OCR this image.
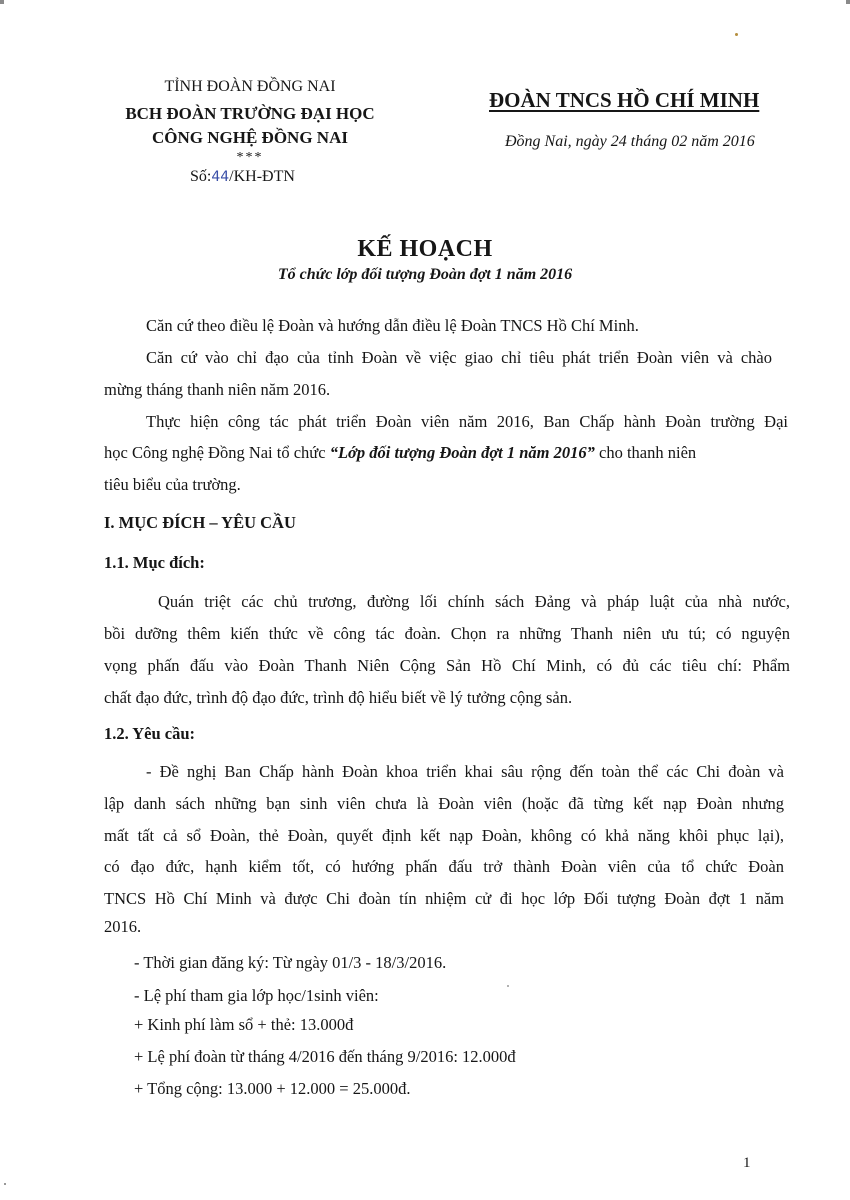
TỈNH ĐOÀN ĐỒNG NAI
BCH ĐOÀN TRƯỜNG ĐẠI HỌC
CÔNG NGHỆ ĐỒNG NAI
***
Số:44/KH-ĐTN
ĐOÀN TNCS HỒ CHÍ MINH
Đồng Nai, ngày 24 tháng 02 năm 2016
KẾ HOẠCH
Tổ chức lớp đối tượng Đoàn đợt 1 năm 2016
Căn cứ theo điều lệ Đoàn và hướng dẫn điều lệ Đoàn TNCS Hồ Chí Minh.
Căn cứ vào chỉ đạo của tỉnh Đoàn về việc giao chỉ tiêu phát triển Đoàn viên và chào
mừng tháng thanh niên năm 2016.
Thực hiện công tác phát triển Đoàn viên năm 2016, Ban Chấp hành Đoàn trường Đại
học Công nghệ Đồng Nai tổ chức “Lớp đối tượng Đoàn đợt 1 năm 2016” cho thanh niên
tiêu biểu của trường.
I. MỤC ĐÍCH – YÊU CẦU
1.1. Mục đích:
Quán triệt các chủ trương, đường lối chính sách Đảng và pháp luật của nhà nước,
bồi dưỡng thêm kiến thức về công tác đoàn. Chọn ra những Thanh niên ưu tú; có nguyện
vọng phấn đấu vào Đoàn Thanh Niên Cộng Sản Hồ Chí Minh, có đủ các tiêu chí: Phẩm
chất đạo đức, trình độ đạo đức, trình độ hiểu biết về lý tưởng cộng sản.
1.2. Yêu cầu:
- Đề nghị Ban Chấp hành Đoàn khoa triển khai sâu rộng đến toàn thể các Chi đoàn và
lập danh sách những bạn sinh viên chưa là Đoàn viên (hoặc đã từng kết nạp Đoàn nhưng
mất tất cả sổ Đoàn, thẻ Đoàn, quyết định kết nạp Đoàn, không có khả năng khôi phục lại),
có đạo đức, hạnh kiểm tốt, có hướng phấn đấu trở thành Đoàn viên của tổ chức Đoàn
TNCS Hồ Chí Minh và được Chi đoàn tín nhiệm cử đi học lớp Đối tượng Đoàn đợt 1 năm
2016.
- Thời gian đăng ký: Từ ngày 01/3 - 18/3/2016.
- Lệ phí tham gia lớp học/1sinh viên:
+ Kinh phí làm sổ + thẻ: 13.000đ
+ Lệ phí đoàn từ tháng 4/2016 đến tháng 9/2016: 12.000đ
+ Tổng cộng: 13.000 + 12.000 = 25.000đ.
1
